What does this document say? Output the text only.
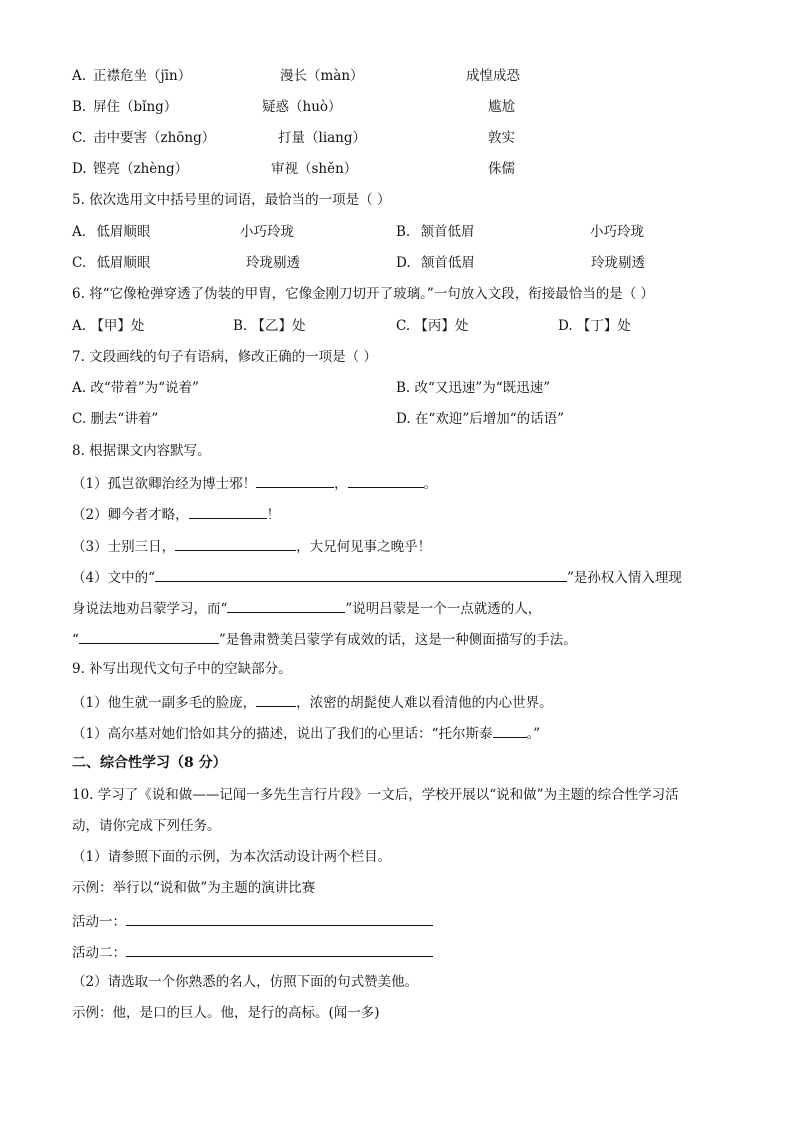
A. 正襟危坐（jīn）	漫长（màn）	成惶成恐
B. 屏住（bǐng）	疑惑（huò）	尴尬
C. 击中要害（zhōng）	打量（liang）	敦实
D. 铿亮（zhèng）	审视（shěn）	侏儒
5. 依次选用文中括号里的词语，最恰当的一项是（ ）
A. 低眉顺眼	小巧玲珑	B. 颔首低眉	小巧玲珑
C. 低眉顺眼	玲珑剔透	D. 颔首低眉	玲珑剔透
6. 将“它像枪弹穿透了伪装的甲胄，它像金刚刀切开了玻璃。”一句放入文段，衔接最恰当的是（ ）
A. 【甲】处	B. 【乙】处	C. 【丙】处	D. 【丁】处
7. 文段画线的句子有语病，修改正确的一项是（ ）
A. 改“带着”为“说着”	B. 改“又迅速”为“既迅速”
C. 删去“讲着”	D. 在“欢迎”后增加“的话语”
8. 根据课文内容默写。
（1）孤岂欲卿治经为博士邪！	，	。
（2）卿今者才略，	！
（3）士别三日，	，大兄何见事之晚乎！
（4）文中的“	”是孙权入情入理现
身说法地劝吕蒙学习，而“	”说明吕蒙是一个一点就透的人，
“	”是鲁肃赞美吕蒙学有成效的话，这是一种侧面描写的手法。
9. 补写出现代文句子中的空缺部分。
（1）他生就一副多毛的脸庞，	，浓密的胡髭使人难以看清他的内心世界。
（1）高尔基对她们恰如其分的描述，说出了我们的心里话：“托尔斯泰	。”
二、综合性学习（8 分）
10. 学习了《说和做——记闻一多先生言行片段》一文后，学校开展以“说和做”为主题的综合性学习活
动，请你完成下列任务。
（1）请参照下面的示例，为本次活动设计两个栏目。
示例：举行以“说和做”为主题的演讲比赛
活动一：
活动二：
（2）请选取一个你熟悉的名人，仿照下面的句式赞美他。
示例：他，是口的巨人。他，是行的高标。(闻一多)
